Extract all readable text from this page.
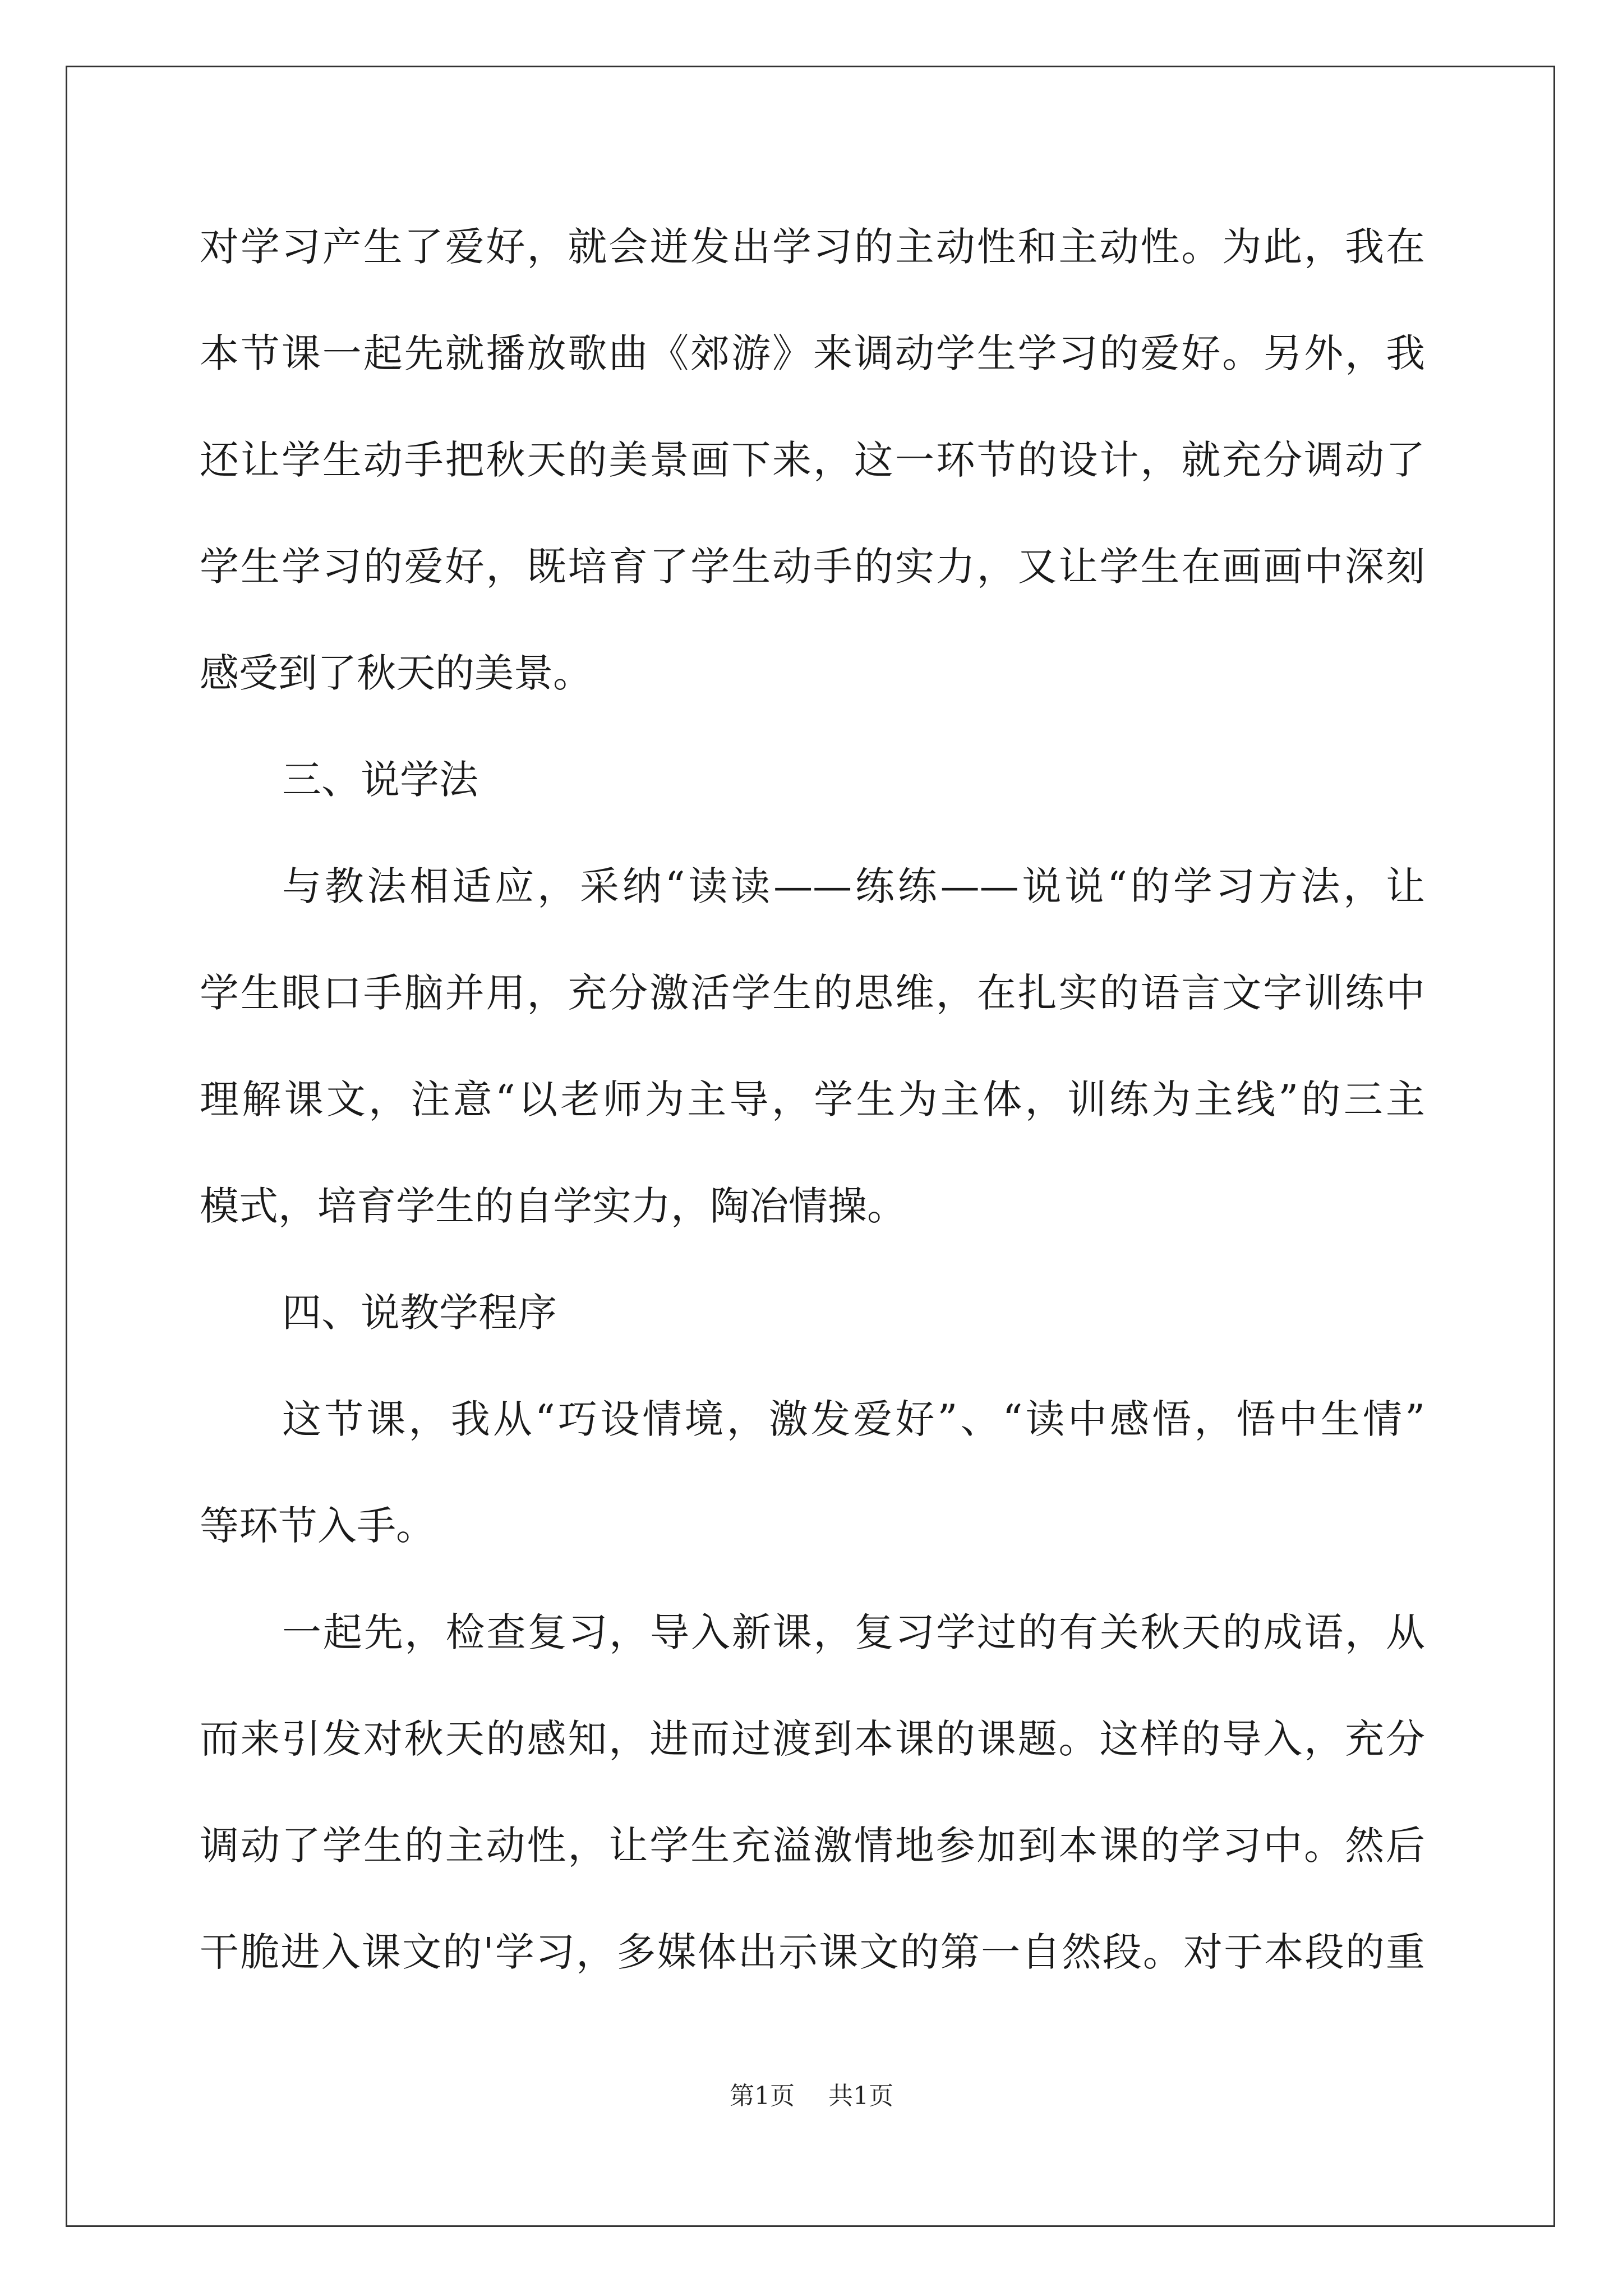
对学习产生了爱好，就会迸发出学习的主动性和主动性。为此，我在
本节课一起先就播放歌曲《郊游》来调动学生学习的爱好。另外，我
还让学生动手把秋天的美景画下来，这一环节的设计，就充分调动了
学生学习的爱好，既培育了学生动手的实力，又让学生在画画中深刻
感受到了秋天的美景。
三、说学法
与教法相适应，采纳“读读——练练——说说“的学习方法，让
学生眼口手脑并用，充分激活学生的思维，在扎实的语言文字训练中
理解课文，注意“以老师为主导，学生为主体，训练为主线”的三主
模式，培育学生的自学实力，陶冶情操。
四、说教学程序
这节课，我从“巧设情境，激发爱好”、“读中感悟，悟中生情”
等环节入手。
一起先，检查复习，导入新课，复习学过的有关秋天的成语，从
而来引发对秋天的感知，进而过渡到本课的课题。这样的导入，充分
调动了学生的主动性，让学生充溢激情地参加到本课的学习中。然后
干脆进入课文的'学习，多媒体出示课文的第一自然段。对于本段的重
第1页 共1页
